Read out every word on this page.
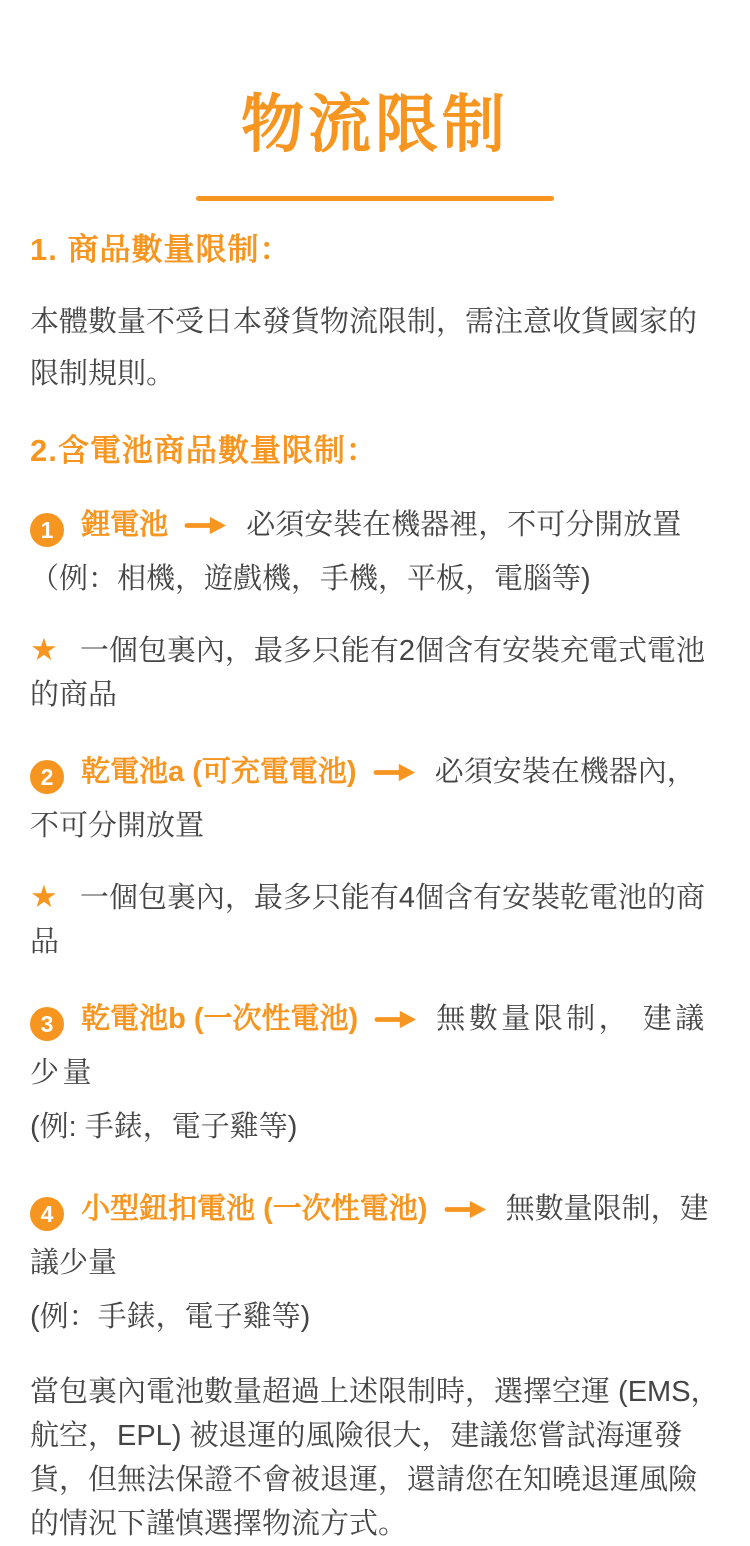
物流限制
1. 商品數量限制：

本體數量不受日本發貨物流限制，需注意收貨國家的限制規則。

2.含電池商品數量限制：

1 鋰電池	必須安裝在機器裡，不可分開放置（例：相機，遊戲機，手機，平板，電腦等)

★ 一個包裏內，最多只能有2個含有安裝充電式電池的商品

2 乾電池a (可充電電池)	必須安裝在機器內，不可分開放置

★ 一個包裏內，最多只能有4個含有安裝乾電池的商品

3 乾電池b (一次性電池)	無數量限制， 建議少量
(例: 手錶，電子雞等)

4 小型鈕扣電池 (一次性電池)	無數量限制，建議少量
(例：手錶，電子雞等)

當包裏內電池數量超過上述限制時，選擇空運 (EMS，航空，EPL) 被退運的風險很大，建議您嘗試海運發貨，但無法保證不會被退運，還請您在知曉退運風險的情況下謹慎選擇物流方式。
